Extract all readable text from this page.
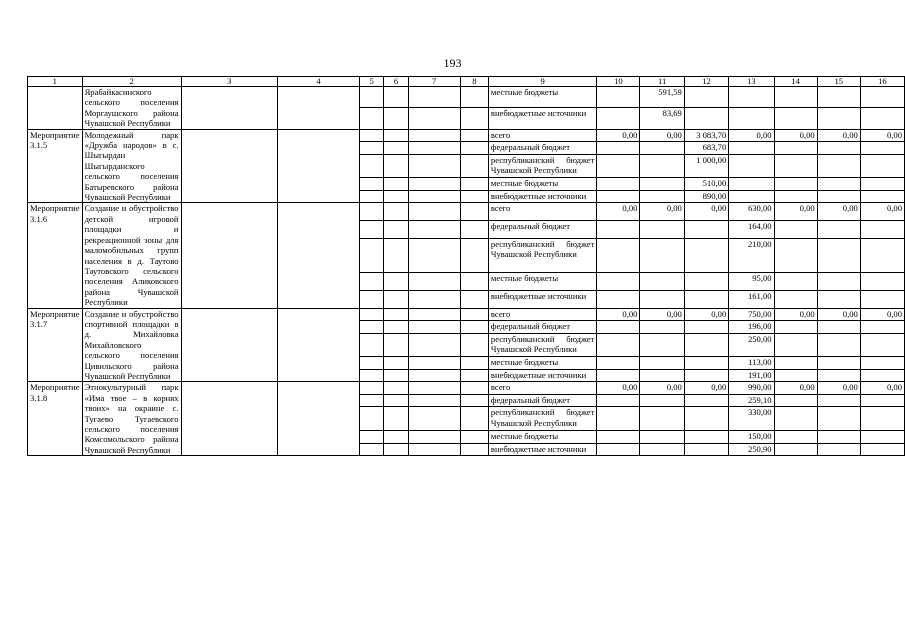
193
1	2	3	4	5	6	7	8	9	10	11	12	13	14	15	16
	Ярабайкасинского сельского поселения Моргаушского района Чувашской Республики							местные бюджеты		591,59					
								внебюджетные источники		83,69					
Мероприятие 3.1.5	Молодежный парк «Дружба народов» в с. Шыгырдан Шыгырданского сельского поселения Батыревского района Чувашской Республики							всего	0,00	0,00	3 083,70	0,00	0,00	0,00	0,00
								федеральный бюджет			683,70				
								республиканский бюджет Чувашской Республики			1 000,00				
								местные бюджеты			510,00				
								внебюджетные источники			890,00				
Мероприятие 3.1.6	Создание и обустройство детской игровой площадки и рекреационной зоны для маломобильных групп населения в д. Таутово Таутовского сельского поселения Аликовского района Чувашской Республики							всего	0,00	0,00	0,00	630,00	0,00	0,00	0,00
								федеральный бюджет				164,00			
								республиканский бюджет Чувашской Республики				210,00			
								местные бюджеты				95,00			
								внебюджетные источники				161,00			
Мероприятие 3.1.7	Создание и обустройство спортивной площадки в д. Михайловка Михайловского сельского поселения Цивильского района Чувашской Республики							всего	0,00	0,00	0,00	750,00	0,00	0,00	0,00
								федеральный бюджет				196,00			
								республиканский бюджет Чувашской Республики				250,00			
								местные бюджеты				113,00			
								внебюджетные источники				191,00			
Мероприятие 3.1.8	Этнокультурный парк «Има твое – в корнях твоих» на окраине с. Тугаево Тугаевского сельского поселения Комсомольского района Чувашской Республики							всего	0,00	0,00	0,00	990,00	0,00	0,00	0,00
								федеральный бюджет				259,10			
								республиканский бюджет Чувашской Республики				330,00			
								местные бюджеты				150,00			
								внебюджетные источники				250,90			
